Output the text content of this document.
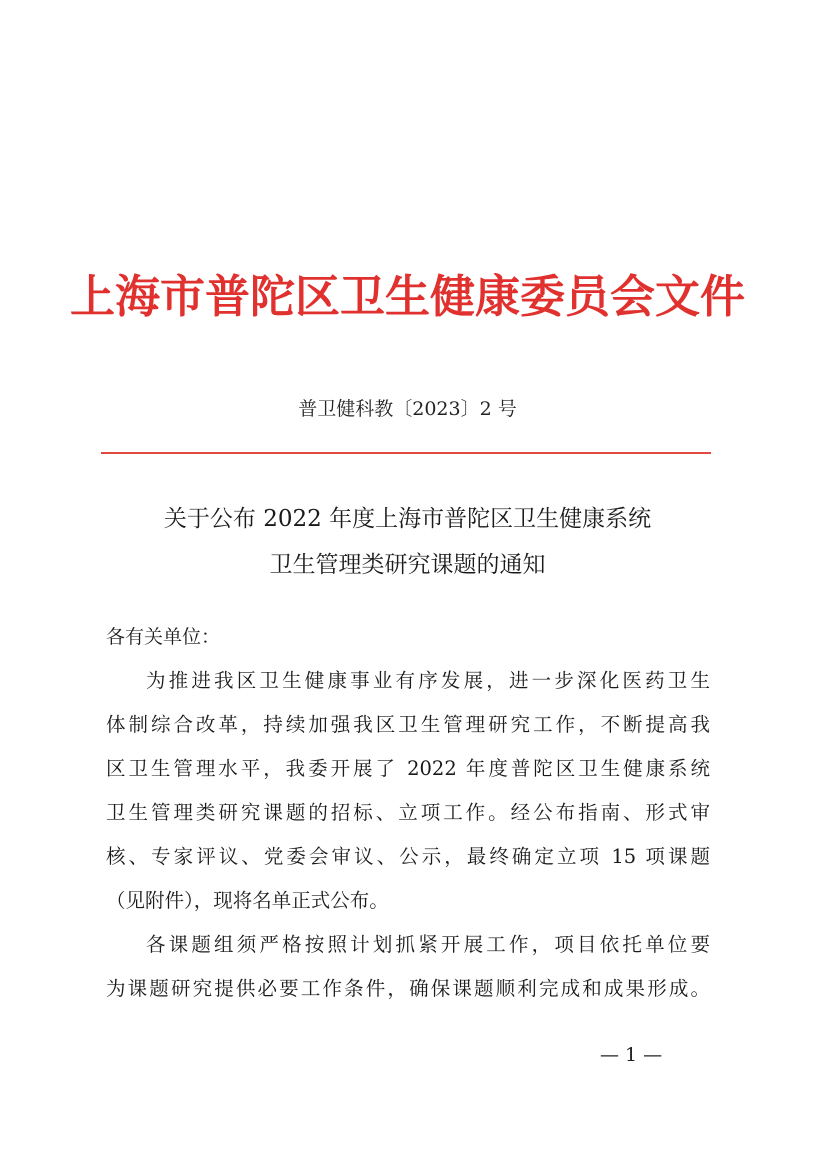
上海市普陀区卫生健康委员会文件
普卫健科教〔2023〕2 号
关于公布 2022 年度上海市普陀区卫生健康系统
卫生管理类研究课题的通知
各有关单位：
为推进我区卫生健康事业有序发展，进一步深化医药卫生
体制综合改革，持续加强我区卫生管理研究工作，不断提高我
区卫生管理水平，我委开展了 2022 年度普陀区卫生健康系统
卫生管理类研究课题的招标、立项工作。经公布指南、形式审
核、专家评议、党委会审议、公示，最终确定立项 15 项课题
（见附件），现将名单正式公布。
各课题组须严格按照计划抓紧开展工作，项目依托单位要
为课题研究提供必要工作条件，确保课题顺利完成和成果形成。
— 1 —
